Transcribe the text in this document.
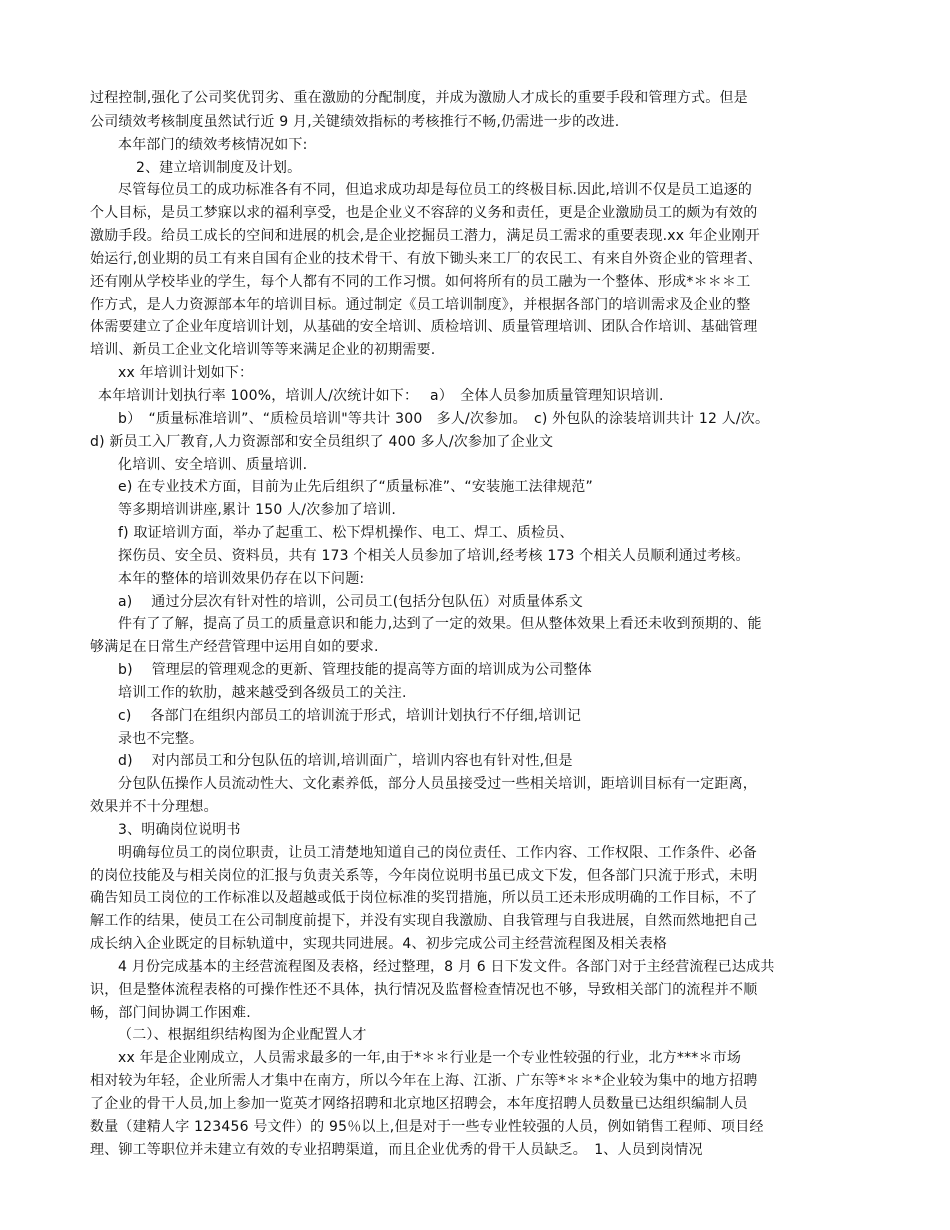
过程控制,强化了公司奖优罚劣、重在激励的分配制度，并成为激励人才成长的重要手段和管理方式。但是
公司绩效考核制度虽然试行近 9 月,关键绩效指标的考核推行不畅,仍需进一步的改进.
本年部门的绩效考核情况如下:
2、建立培训制度及计划。
尽管每位员工的成功标准各有不同，但追求成功却是每位员工的终极目标.因此,培训不仅是员工追逐的
个人目标，是员工梦寐以求的福利享受，也是企业义不容辞的义务和责任，更是企业激励员工的颇为有效的
激励手段。给员工成长的空间和进展的机会,是企业挖掘员工潜力，满足员工需求的重要表现.xx 年企业刚开
始运行,创业期的员工有来自国有企业的技术骨干、有放下锄头来工厂的农民工、有来自外资企业的管理者、
还有刚从学校毕业的学生，每个人都有不同的工作习惯。如何将所有的员工融为一个整体、形成*＊＊＊工
作方式，是人力资源部本年的培训目标。通过制定《员工培训制度》，并根据各部门的培训需求及企业的整
体需要建立了企业年度培训计划，从基础的安全培训、质检培训、质量管理培训、团队合作培训、基础管理
培训、新员工企业文化培训等等来满足企业的初期需要.
xx 年培训计划如下：
本年培训计划执行率 100%，培训人/次统计如下：　 a）　全体人员参加质量管理知识培训.
b）　“质量标准培训”、“质检员培训"等共计 300　多人/次参加。　c) 外包队的涂装培训共计 12 人/次。
d) 新员工入厂教育,人力资源部和安全员组织了 400 多人/次参加了企业文
化培训、安全培训、质量培训.
e) 在专业技术方面，目前为止先后组织了“质量标准”、“安装施工法律规范”
等多期培训讲座,累计 150 人/次参加了培训.
f) 取证培训方面，举办了起重工、松下焊机操作、电工、焊工、质检员、
探伤员、安全员、资料员，共有 173 个相关人员参加了培训,经考核 173 个相关人员顺利通过考核。
本年的整体的培训效果仍存在以下问题:
a)　 通过分层次有针对性的培训，公司员工(包括分包队伍）对质量体系文
件有了了解，提高了员工的质量意识和能力,达到了一定的效果。但从整体效果上看还未收到预期的、能
够满足在日常生产经营管理中运用自如的要求.
b)　 管理层的管理观念的更新、管理技能的提高等方面的培训成为公司整体
培训工作的软肋，越来越受到各级员工的关注.
c)　 各部门在组织内部员工的培训流于形式，培训计划执行不仔细,培训记
录也不完整。
d)　 对内部员工和分包队伍的培训,培训面广，培训内容也有针对性,但是
分包队伍操作人员流动性大、文化素养低，部分人员虽接受过一些相关培训，距培训目标有一定距离，
效果并不十分理想。
3、明确岗位说明书
明确每位员工的岗位职责，让员工清楚地知道自己的岗位责任、工作内容、工作权限、工作条件、必备
的岗位技能及与相关岗位的汇报与负责关系等，今年岗位说明书虽已成文下发，但各部门只流于形式，未明
确告知员工岗位的工作标准以及超越或低于岗位标准的奖罚措施，所以员工还未形成明确的工作目标，不了
解工作的结果，使员工在公司制度前提下，并没有实现自我激励、自我管理与自我进展，自然而然地把自己
成长纳入企业既定的目标轨道中，实现共同进展。4、初步完成公司主经营流程图及相关表格
4 月份完成基本的主经营流程图及表格，经过整理，8 月 6 日下发文件。各部门对于主经营流程已达成共
识，但是整体流程表格的可操作性还不具体，执行情况及监督检查情况也不够，导致相关部门的流程并不顺
畅，部门间协调工作困难.
（二）、根据组织结构图为企业配置人才
xx 年是企业刚成立，人员需求最多的一年,由于*＊＊行业是一个专业性较强的行业，北方***＊市场
相对较为年轻，企业所需人才集中在南方，所以今年在上海、江浙、广东等*＊＊*企业较为集中的地方招聘
了企业的骨干人员,加上参加一览英才网络招聘和北京地区招聘会，本年度招聘人员数量已达组织编制人员
数量（建精人字 123456 号文件）的 95％以上,但是对于一些专业性较强的人员，例如销售工程师、项目经
理、铆工等职位并未建立有效的专业招聘渠道，而且企业优秀的骨干人员缺乏。　1、人员到岗情况
